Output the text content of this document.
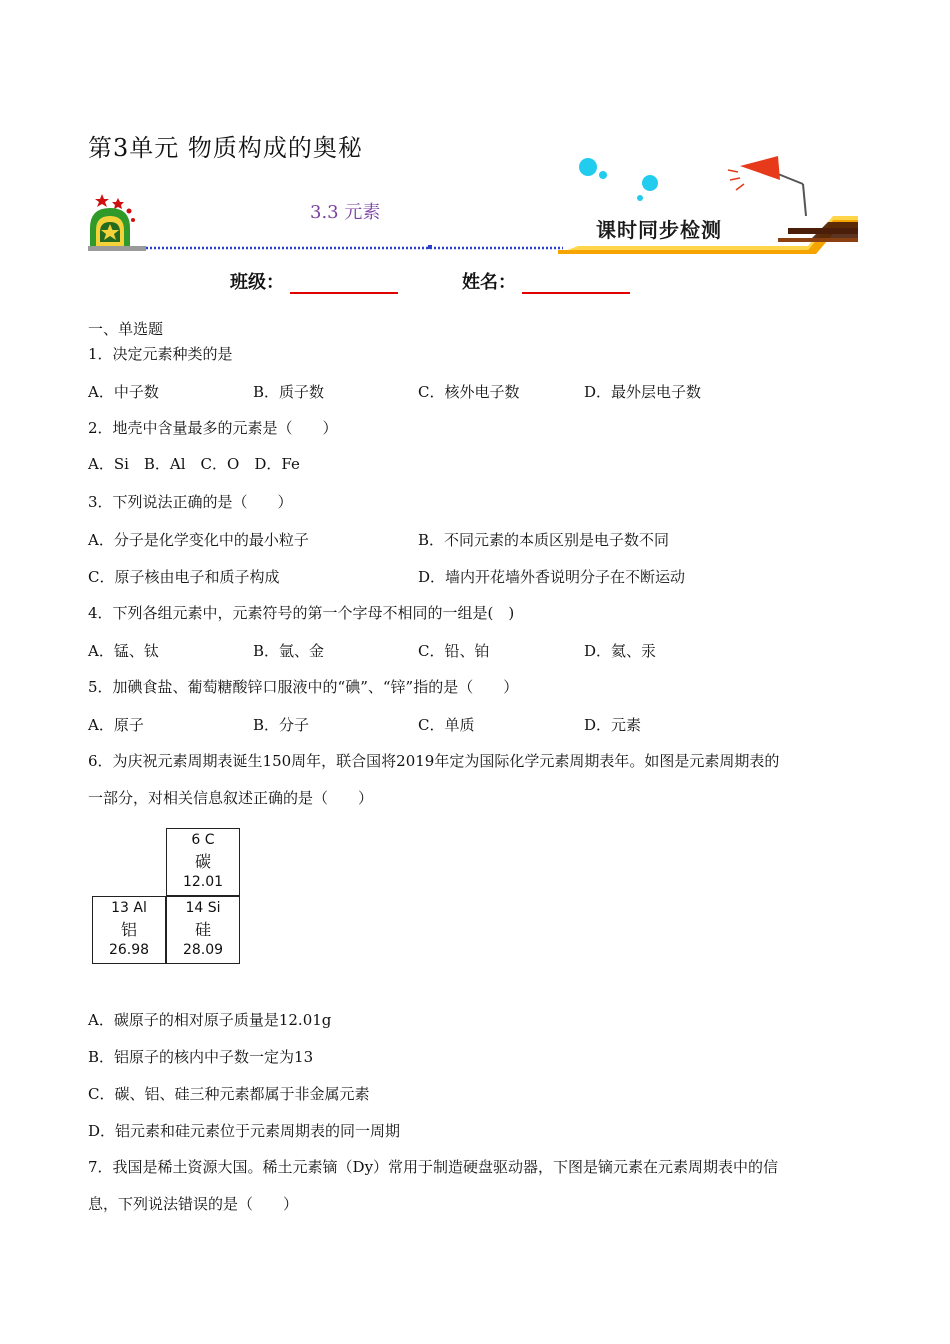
第3单元 物质构成的奥秘
课时同步检测
3.3 元素
班级：	姓名：
一、单选题
1．决定元素种类的是
A．中子数	B．质子数	C．核外电子数	D．最外层电子数
2．地壳中含量最多的元素是（　　）
A．Si　B．Al　C．O　D．Fe
3．下列说法正确的是（　　）
A．分子是化学变化中的最小粒子	B．不同元素的本质区别是电子数不同
C．原子核由电子和质子构成	D．墙内开花墙外香说明分子在不断运动
4．下列各组元素中，元素符号的第一个字母不相同的一组是(　)
A．锰、钛	B．氩、金	C．铅、铂	D．氦、汞
5．加碘食盐、葡萄糖酸锌口服液中的“碘”、“锌”指的是（　　）
A．原子	B．分子	C．单质	D．元素
6．为庆祝元素周期表诞生150周年，联合国将2019年定为国际化学元素周期表年。如图是元素周期表的
一部分，对相关信息叙述正确的是（　　）
6 C
碳
12.01
13 Al
铝
26.98
14 Si
硅
28.09
A．碳原子的相对原子质量是12.01g
B．铝原子的核内中子数一定为13
C．碳、铝、硅三种元素都属于非金属元素
D．铝元素和硅元素位于元素周期表的同一周期
7．我国是稀土资源大国。稀土元素镝（Dy）常用于制造硬盘驱动器，下图是镝元素在元素周期表中的信
息，下列说法错误的是（　　）
